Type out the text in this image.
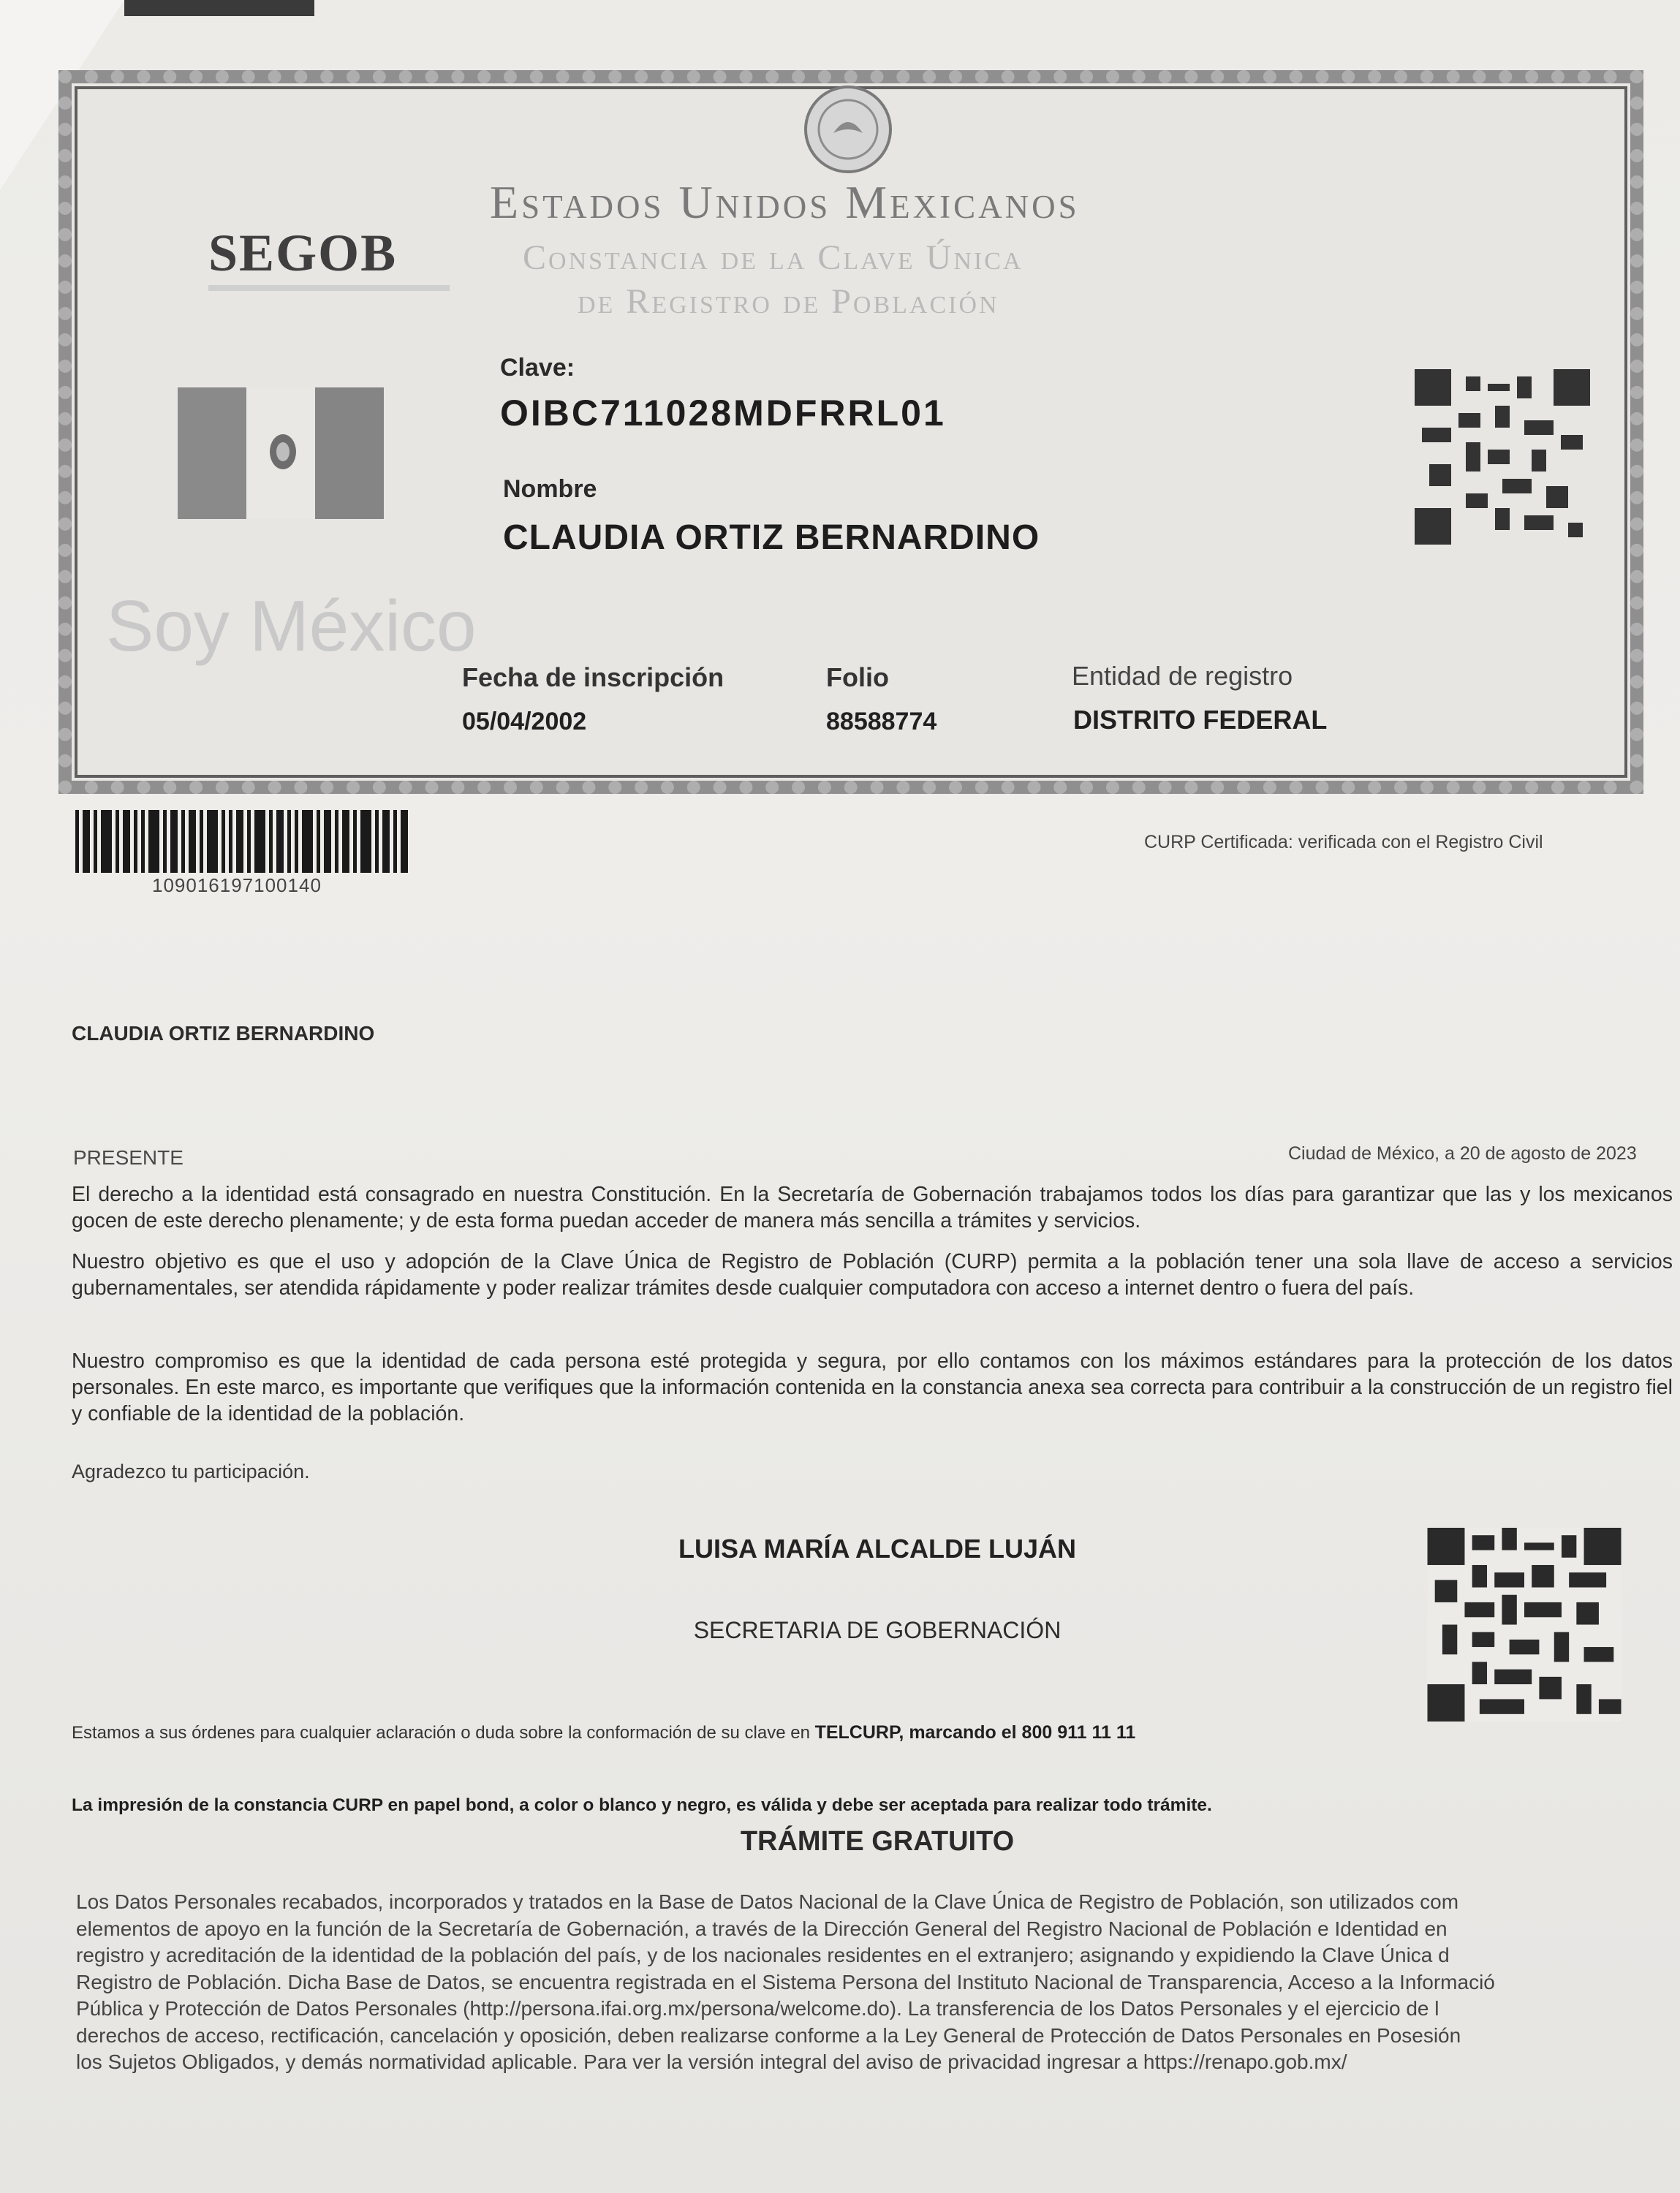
SEGOB
Estados Unidos Mexicanos
Constancia de la Clave Única
de Registro de Población
Clave:
OIBC711028MDFRRL01
Nombre
CLAUDIA ORTIZ BERNARDINO
Soy México
Fecha de inscripción
05/04/2002
Folio
88588774
Entidad de registro
DISTRITO FEDERAL
109016197100140
CURP Certificada: verificada con el Registro Civil
CLAUDIA ORTIZ BERNARDINO
PRESENTE	Ciudad de México, a 20 de agosto de 2023
El derecho a la identidad está consagrado en nuestra Constitución. En la Secretaría de Gobernación trabajamos todos los días para garantizar que las y los mexicanos gocen de este derecho plenamente; y de esta forma puedan acceder de manera más sencilla a trámites y servicios.
Nuestro objetivo es que el uso y adopción de la Clave Única de Registro de Población (CURP) permita a la población tener una sola llave de acceso a servicios gubernamentales, ser atendida rápidamente y poder realizar trámites desde cualquier computadora con acceso a internet dentro o fuera del país.
Nuestro compromiso es que la identidad de cada persona esté protegida y segura, por ello contamos con los máximos estándares para la protección de los datos personales. En este marco, es importante que verifiques que la información contenida en la constancia anexa sea correcta para contribuir a la construcción de un registro fiel y confiable de la identidad de la población.
Agradezco tu participación.
LUISA MARÍA ALCALDE LUJÁN
SECRETARIA DE GOBERNACIÓN
Estamos a sus órdenes para cualquier aclaración o duda sobre la conformación de su clave en TELCURP, marcando el 800 911 11 11
La impresión de la constancia CURP en papel bond, a color o blanco y negro, es válida y debe ser aceptada para realizar todo trámite.
TRÁMITE GRATUITO
Los Datos Personales recabados, incorporados y tratados en la Base de Datos Nacional de la Clave Única de Registro de Población, son utilizados com
elementos de apoyo en la función de la Secretaría de Gobernación, a través de la Dirección General del Registro Nacional de Población e Identidad en
registro y acreditación de la identidad de la población del país, y de los nacionales residentes en el extranjero; asignando y expidiendo la Clave Única d
Registro de Población. Dicha Base de Datos, se encuentra registrada en el Sistema Persona del Instituto Nacional de Transparencia, Acceso a la Informació
Pública y Protección de Datos Personales (http://persona.ifai.org.mx/persona/welcome.do). La transferencia de los Datos Personales y el ejercicio de l
derechos de acceso, rectificación, cancelación y oposición, deben realizarse conforme a la Ley General de Protección de Datos Personales en Posesión
los Sujetos Obligados, y demás normatividad aplicable. Para ver la versión integral del aviso de privacidad ingresar a https://renapo.gob.mx/
